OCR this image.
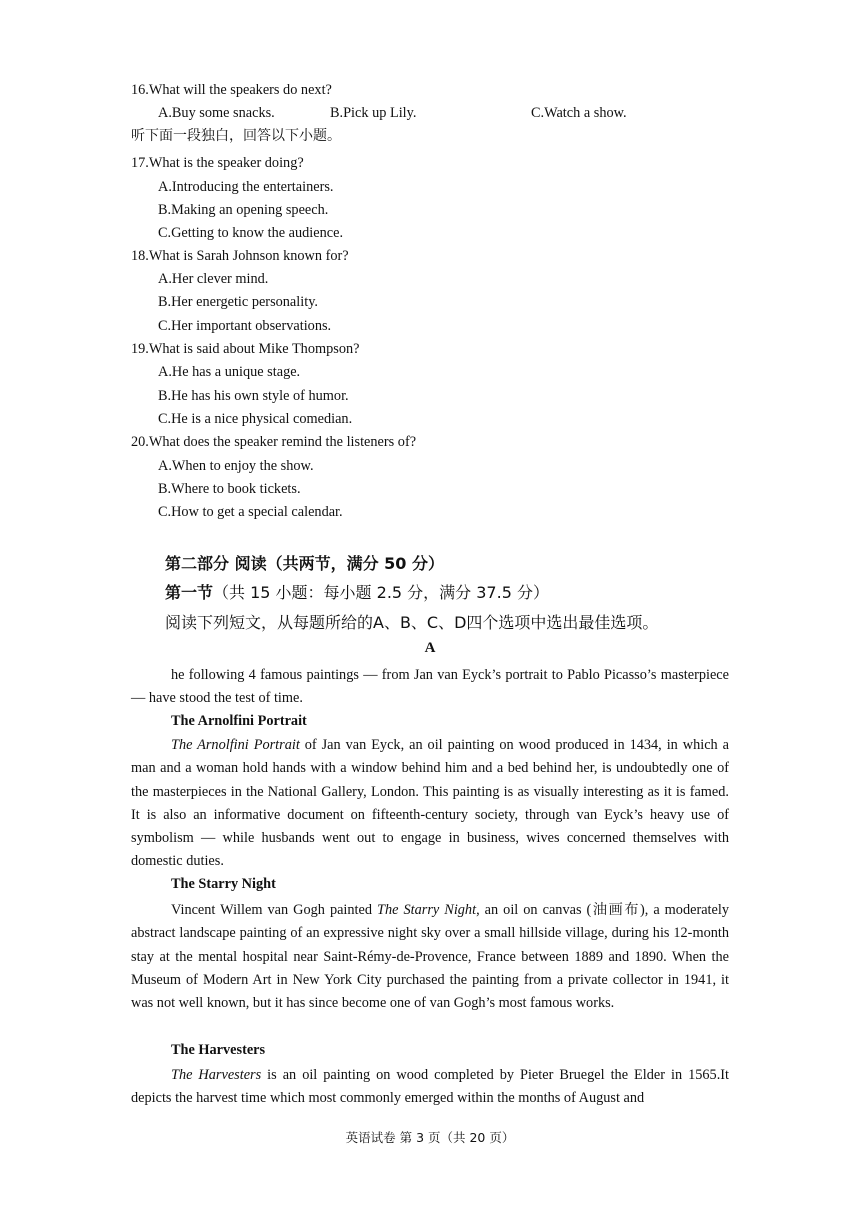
16.What will the speakers do next?
A.Buy some snacks.	B.Pick up Lily.	C.Watch a show.
听下面一段独白，回答以下小题。
17.What is the speaker doing?
A.Introducing the entertainers.
B.Making an opening speech.
C.Getting to know the audience.
18.What is Sarah Johnson known for?
A.Her clever mind.
B.Her energetic personality.
C.Her important observations.
19.What is said about Mike Thompson?
A.He has a unique stage.
B.He has his own style of humor.
C.He is a nice physical comedian.
20.What does the speaker remind the listeners of?
A.When to enjoy the show.
B.Where to book tickets.
C.How to get a special calendar.
第二部分 阅读（共两节，满分 50 分）
第一节（共 15 小题：每小题 2.5 分，满分 37.5 分）
阅读下列短文，从每题所给的A、B、C、D四个选项中选出最佳选项。
A
he following 4 famous paintings — from Jan van Eyck’s portrait to Pablo Picasso’s masterpiece — have stood the test of time.
The Arnolfini Portrait
The Arnolfini Portrait of Jan van Eyck, an oil painting on wood produced in 1434, in which a man and a woman hold hands with a window behind him and a bed behind her, is undoubtedly one of the masterpieces in the National Gallery, London. This painting is as visually interesting as it is famed. It is also an informative document on fifteenth-century society, through van Eyck’s heavy use of symbolism — while husbands went out to engage in business, wives concerned themselves with domestic duties.
The Starry Night
Vincent Willem van Gogh painted The Starry Night, an oil on canvas (油画布), a moderately abstract landscape painting of an expressive night sky over a small hillside village, during his 12-month stay at the mental hospital near Saint-Rémy-de-Provence, France between 1889 and 1890. When the Museum of Modern Art in New York City purchased the painting from a private collector in 1941, it was not well known, but it has since become one of van Gogh’s most famous works.
The Harvesters
The Harvesters is an oil painting on wood completed by Pieter Bruegel the Elder in 1565.It depicts the harvest time which most commonly emerged within the months of August and
英语试卷 第 3 页（共 20 页）
